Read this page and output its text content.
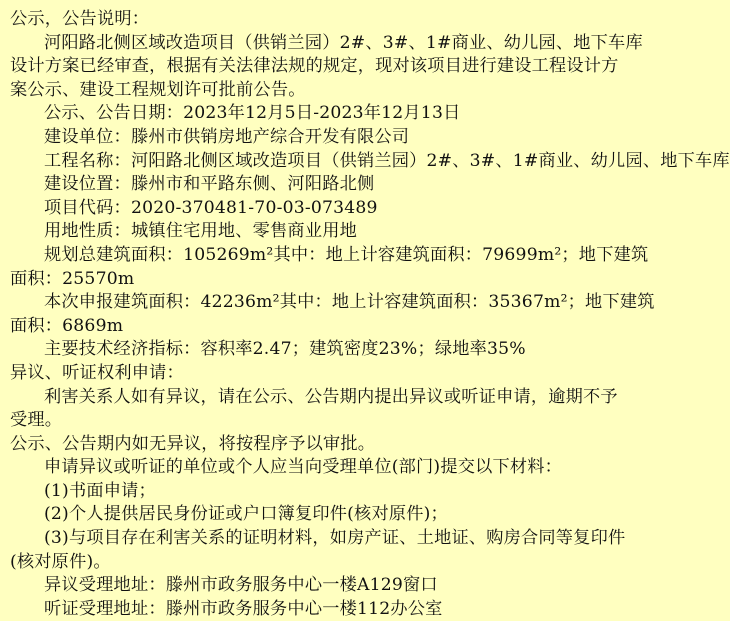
公示，公告说明：
河阳路北侧区域改造项目（供销兰园）2#、3#、1#商业、幼儿园、地下车库
设计方案已经审查，根据有关法律法规的规定，现对该项目进行建设工程设计方
案公示、建设工程规划许可批前公告。
公示、公告日期：2023年12月5日-2023年12月13日
建设单位：滕州市供销房地产综合开发有限公司
工程名称：河阳路北侧区域改造项目（供销兰园）2#、3#、1#商业、幼儿园、地下车库
建设位置：滕州市和平路东侧、河阳路北侧
项目代码：2020-370481-70-03-073489
用地性质：城镇住宅用地、零售商业用地
规划总建筑面积：105269m²其中：地上计容建筑面积：79699m²；地下建筑
面积：25570m
本次申报建筑面积：42236m²其中：地上计容建筑面积：35367m²；地下建筑
面积：6869m
主要技术经济指标：容积率2.47；建筑密度23%；绿地率35%
异议、听证权利申请：
利害关系人如有异议，请在公示、公告期内提出异议或听证申请，逾期不予
受理。
公示、公告期内如无异议，将按程序予以审批。
申请异议或听证的单位或个人应当向受理单位(部门)提交以下材料：
(1)书面申请；
(2)个人提供居民身份证或户口簿复印件(核对原件)；
(3)与项目存在利害关系的证明材料，如房产证、土地证、购房合同等复印件
(核对原件)。
异议受理地址：滕州市政务服务中心一楼A129窗口
听证受理地址：滕州市政务服务中心一楼112办公室
